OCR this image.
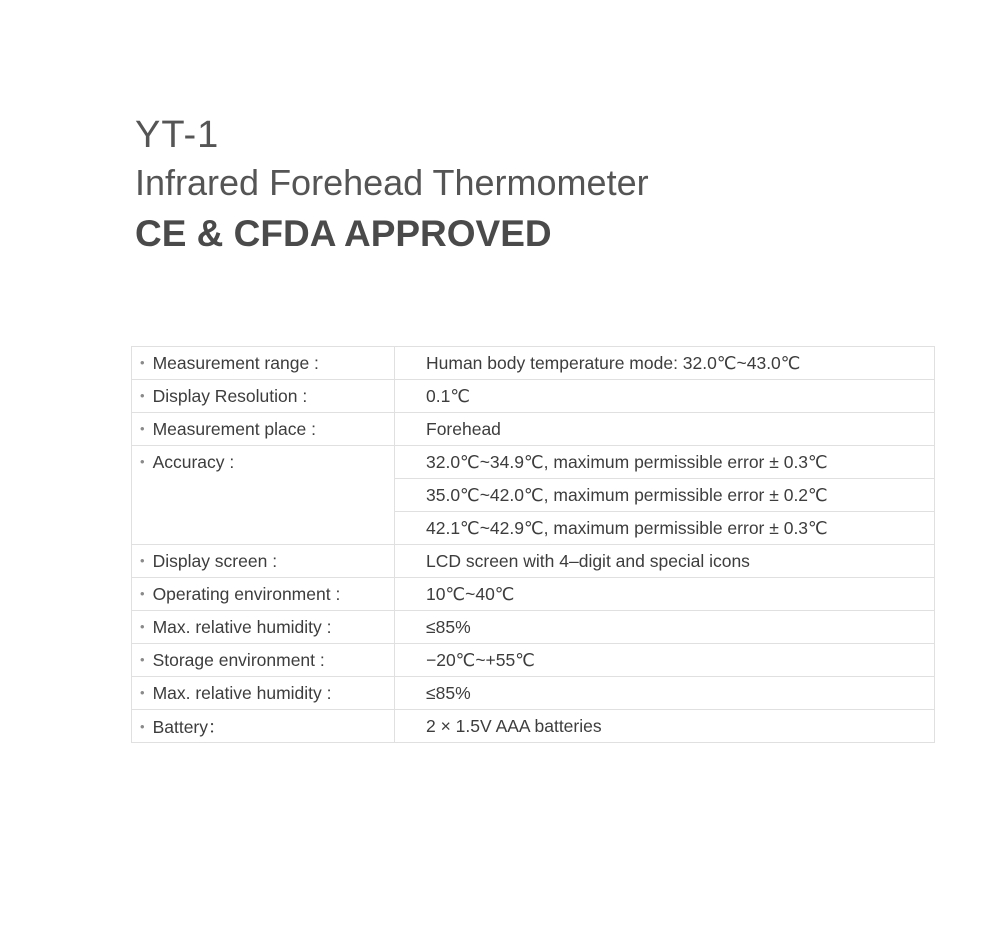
YT-1
Infrared Forehead Thermometer
CE & CFDA APPROVED
• Measurement range :	Human body temperature mode: 32.0℃~43.0℃
• Display Resolution :	0.1℃
• Measurement place :	Forehead
• Accuracy :	32.0℃~34.9℃, maximum permissible error ± 0.3℃
	35.0℃~42.0℃, maximum permissible error ± 0.2℃
	42.1℃~42.9℃, maximum permissible error ± 0.3℃
• Display screen :	LCD screen with 4–digit and special icons
• Operating environment :	10℃~40℃
• Max. relative humidity :	≤85%
• Storage environment :	−20℃~+55℃
• Max. relative humidity :	≤85%
• Battery：	2 × 1.5V AAA batteries
